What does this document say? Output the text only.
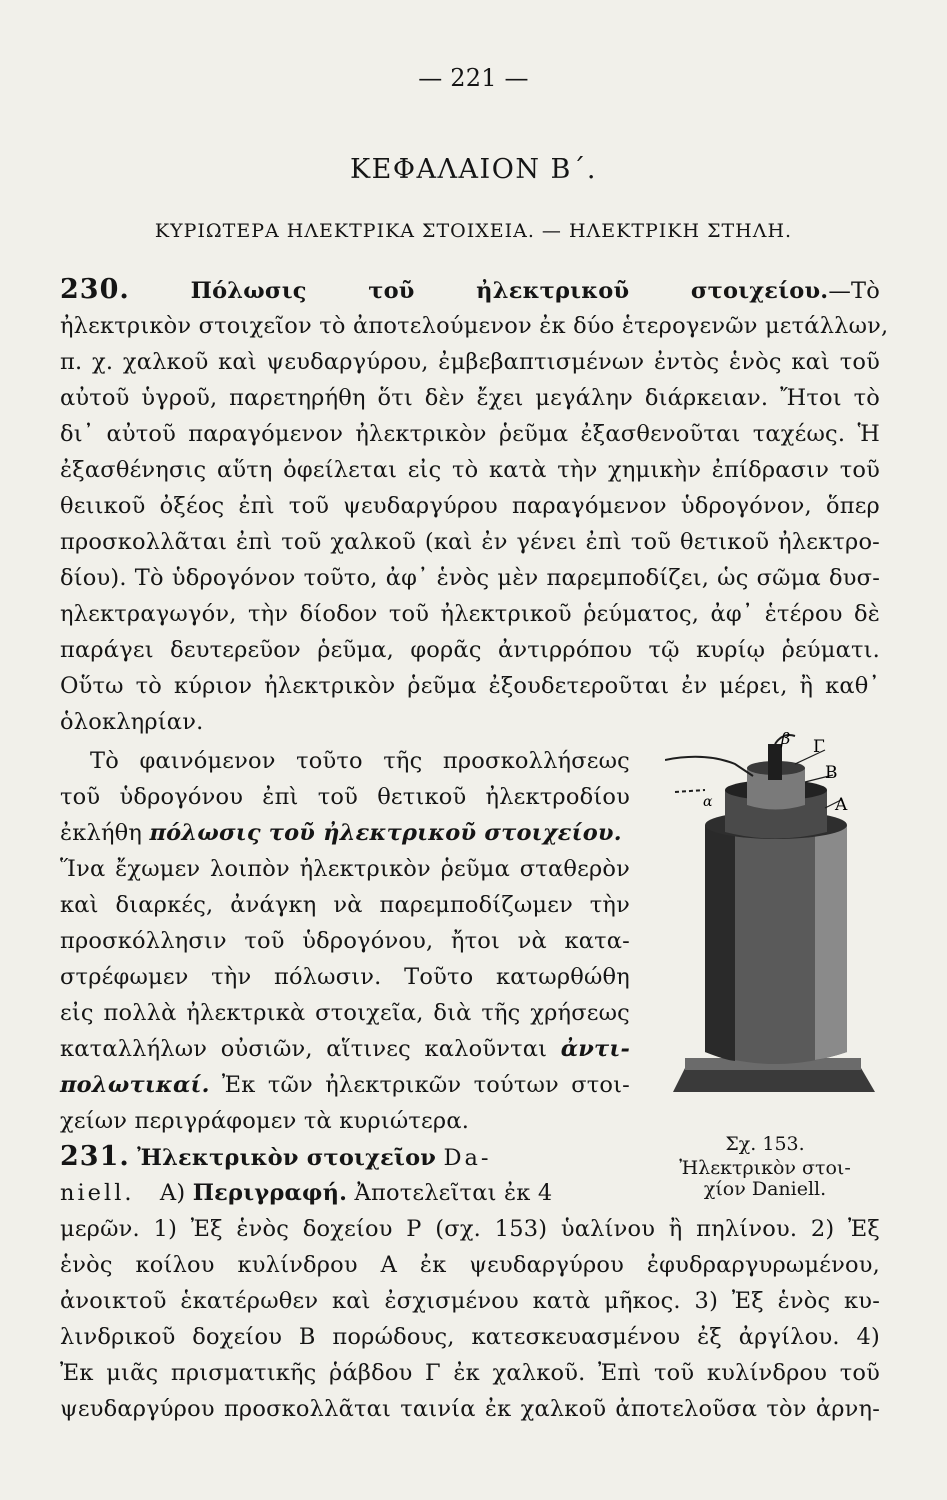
— 221 —
ΚΕΦΑΛΑΙΟΝ Β΄.
ΚΥΡΙΩΤΕΡΑ ΗΛΕΚΤΡΙΚΑ ΣΤΟΙΧΕΙΑ. — ΗΛΕΚΤΡΙΚΗ ΣΤΗΛΗ.
230.	Πόλωσις τοῦ ἠλεκτρικοῦ στοιχείου.—Τὸ
ἠλεκτρικὸν στοιχεῖον τὸ ἀποτελούμενον ἐκ δύο ἑτερογενῶν μετάλλων,
π. χ. χαλκοῦ καὶ ψευδαργύρου, ἐμβεβαπτισμένων ἐντὸς ἑνὸς καὶ τοῦ
αὐτοῦ ὑγροῦ, παρετηρήθη ὅτι δὲν ἔχει μεγάλην διάρκειαν. Ἤτοι τὸ
δι᾽ αὐτοῦ παραγόμενον ἠλεκτρικὸν ῥεῦμα ἐξασθενοῦται ταχέως. Ἡ
ἐξασθένησις αὕτη ὀφείλεται εἰς τὸ κατὰ τὴν χημικὴν ἐπίδρασιν τοῦ
θειικοῦ ὀξέος ἐπὶ τοῦ ψευδαργύρου παραγόμενον ὑδρογόνον, ὅπερ
προσκολλᾶται ἐπὶ τοῦ χαλκοῦ (καὶ ἐν γένει ἐπὶ τοῦ θετικοῦ ἠλεκτρο-
δίου). Τὸ ὑδρογόνον τοῦτο, ἀφ᾽ ἑνὸς μὲν παρεμποδίζει, ὡς σῶμα δυσ-
ηλεκτραγωγόν, τὴν δίοδον τοῦ ἠλεκτρικοῦ ῥεύματος, ἀφ᾽ ἑτέρου δὲ
παράγει δευτερεῦον ῥεῦμα, φορᾶς ἀντιρρόπου τῷ κυρίῳ ῥεύματι.
Οὕτω τὸ κύριον ἠλεκτρικὸν ῥεῦμα ἐξουδετεροῦται ἐν μέρει, ἢ καθ᾽
ὁλοκληρίαν.
Τὸ φαινόμενον τοῦτο τῆς προσκολλήσεως
τοῦ ὑδρογόνου ἐπὶ τοῦ θετικοῦ ἠλεκτροδίου
ἐκλήθη πόλωσις τοῦ ἠλεκτρικοῦ στοιχείου.
Ἵνα ἔχωμεν λοιπὸν ἠλεκτρικὸν ῥεῦμα σταθερὸν
καὶ διαρκές, ἀνάγκη νὰ παρεμποδίζωμεν τὴν
προσκόλλησιν τοῦ ὑδρογόνου, ἤτοι νὰ κατα-
στρέφωμεν τὴν πόλωσιν. Τοῦτο κατωρθώθη
εἰς πολλὰ ἠλεκτρικὰ στοιχεῖα, διὰ τῆς χρήσεως
καταλλήλων οὐσιῶν, αἵτινες καλοῦνται ἀντι-
πολωτικαί. Ἐκ τῶν ἠλεκτρικῶν τούτων στοι-
χείων περιγράφομεν τὰ κυριώτερα.
β Γ
Β
Α
α
Σχ. 153.
Ἠλεκτρικὸν στοι-
χίον Daniell.
231. Ἠλεκτρικὸν στοιχεῖον Da-
niell. Α) Περιγραφή. Ἀποτελεῖται ἐκ 4
μερῶν. 1) Ἐξ ἑνὸς δοχείου Ρ (σχ. 153) ὑαλίνου ἢ πηλίνου. 2) Ἐξ
ἑνὸς κοίλου κυλίνδρου Α ἐκ ψευδαργύρου ἐφυδραργυρωμένου,
ἀνοικτοῦ ἑκατέρωθεν καὶ ἐσχισμένου κατὰ μῆκος. 3) Ἐξ ἑνὸς κυ-
λινδρικοῦ δοχείου Β πορώδους, κατεσκευασμένου ἐξ ἀργίλου. 4)
Ἐκ μιᾶς πρισματικῆς ῥάβδου Γ ἐκ χαλκοῦ. Ἐπὶ τοῦ κυλίνδρου τοῦ
ψευδαργύρου προσκολλᾶται ταινία ἐκ χαλκοῦ ἀποτελοῦσα τὸν ἀρνη-
